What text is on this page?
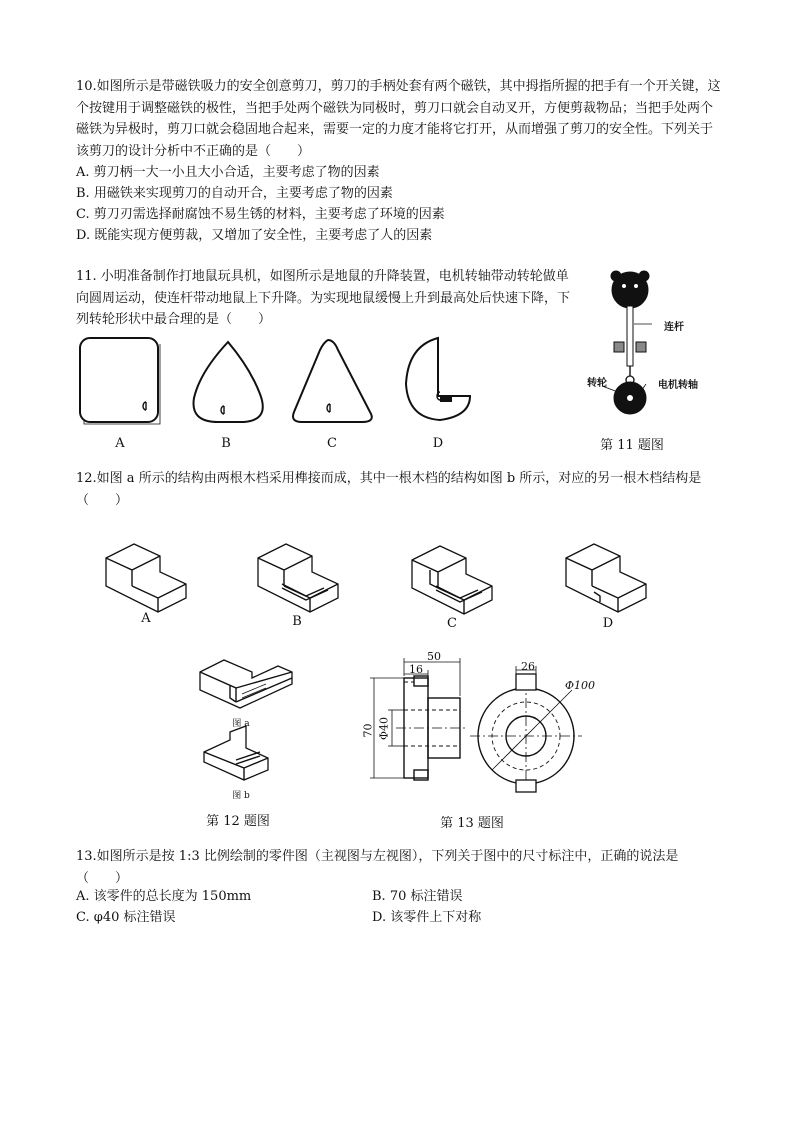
10.如图所示是带磁铁吸力的安全创意剪刀，剪刀的手柄处套有两个磁铁，其中拇指所握的把手有一个开关键，这个按键用于调整磁铁的极性，当把手处两个磁铁为同极时，剪刀口就会自动叉开，方便剪裁物品；当把手处两个磁铁为异极时，剪刀口就会稳固地合起来，需要一定的力度才能将它打开，从而增强了剪刀的安全性。下列关于该剪刀的设计分析中不正确的是（　　）

A. 剪刀柄一大一小且大小合适，主要考虑了物的因素
B. 用磁铁来实现剪刀的自动开合，主要考虑了物的因素
C. 剪刀刃需选择耐腐蚀不易生锈的材料，主要考虑了环境的因素
D. 既能实现方便剪裁，又增加了安全性，主要考虑了人的因素

11. 小明准备制作打地鼠玩具机，如图所示是地鼠的升降装置，电机转轴带动转轮做单向圆周运动，使连杆带动地鼠上下升降。为实现地鼠缓慢上升到最高处后快速下降，下列转轮形状中最合理的是（　　）

A	B	C	D
连杆
转轮	电机转轴
第 11 题图

12.如图 a 所示的结构由两根木档采用榫接而成，其中一根木档的结构如图 b 所示，对应的另一根木档结构是（　　）

A	B	C	D
图 a
图 b
第 12 题图
50
16
70 Φ40
26
Φ100
第 13 题图

13.如图所示是按 1:3 比例绘制的零件图（主视图与左视图），下列关于图中的尺寸标注中，正确的说法是（　　）

A. 该零件的总长度为 150mm	B. 70 标注错误
C. φ40 标注错误	D. 该零件上下对称
